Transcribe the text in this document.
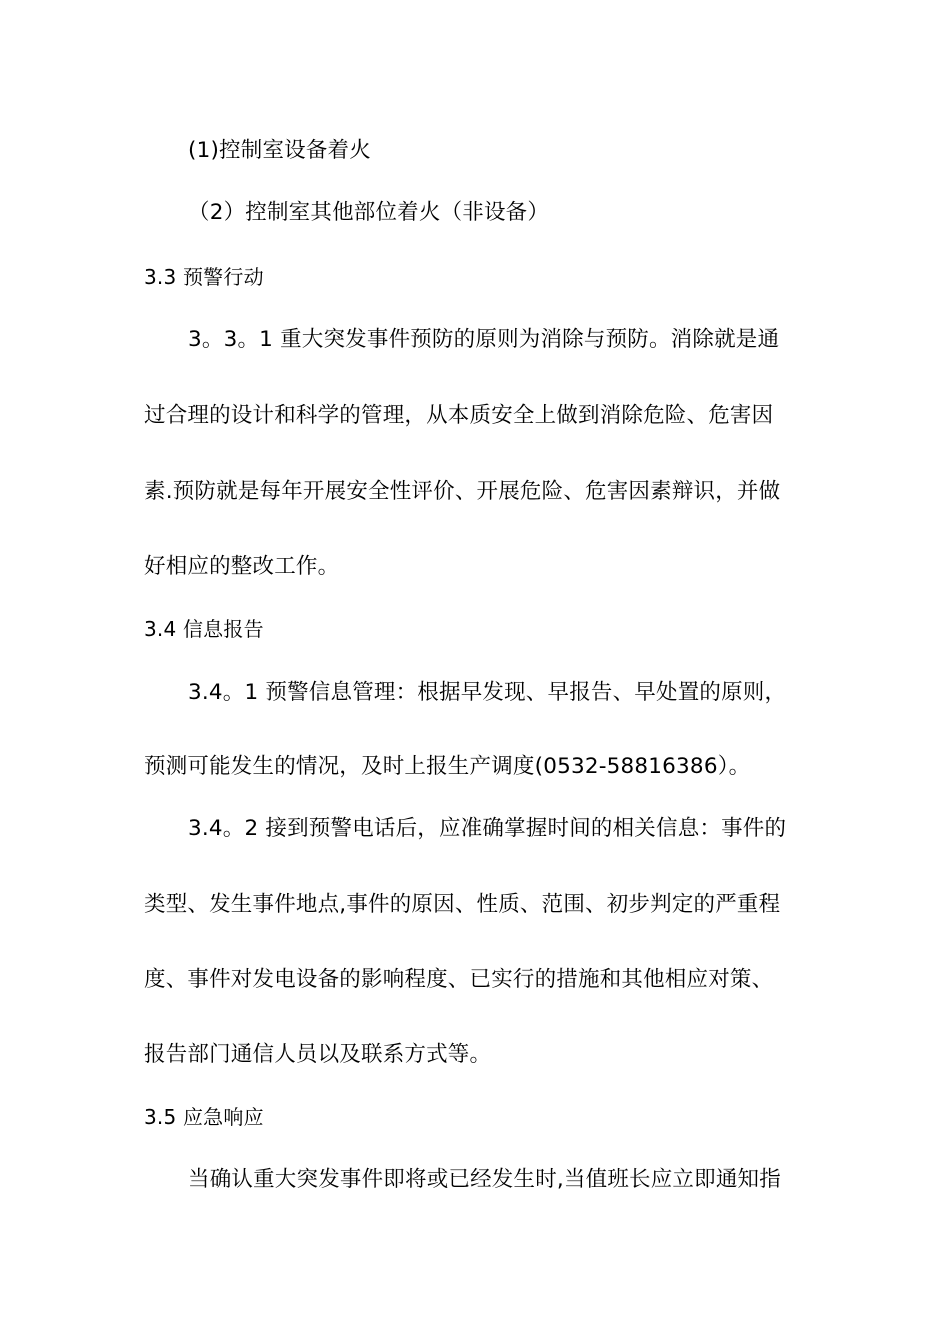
(1)控制室设备着火
（2）控制室其他部位着火（非设备）
3.3 预警行动
3。3。1 重大突发事件预防的原则为消除与预防。消除就是通
过合理的设计和科学的管理，从本质安全上做到消除危险、危害因
素.预防就是每年开展安全性评价、开展危险、危害因素辩识，并做
好相应的整改工作。
3.4 信息报告
3.4。1 预警信息管理：根据早发现、早报告、早处置的原则，
预测可能发生的情况，及时上报生产调度(0532-58816386）。
3.4。2 接到预警电话后，应准确掌握时间的相关信息：事件的
类型、发生事件地点,事件的原因、性质、范围、初步判定的严重程
度、事件对发电设备的影响程度、已实行的措施和其他相应对策、
报告部门通信人员以及联系方式等。
3.5 应急响应
当确认重大突发事件即将或已经发生时,当值班长应立即通知指
